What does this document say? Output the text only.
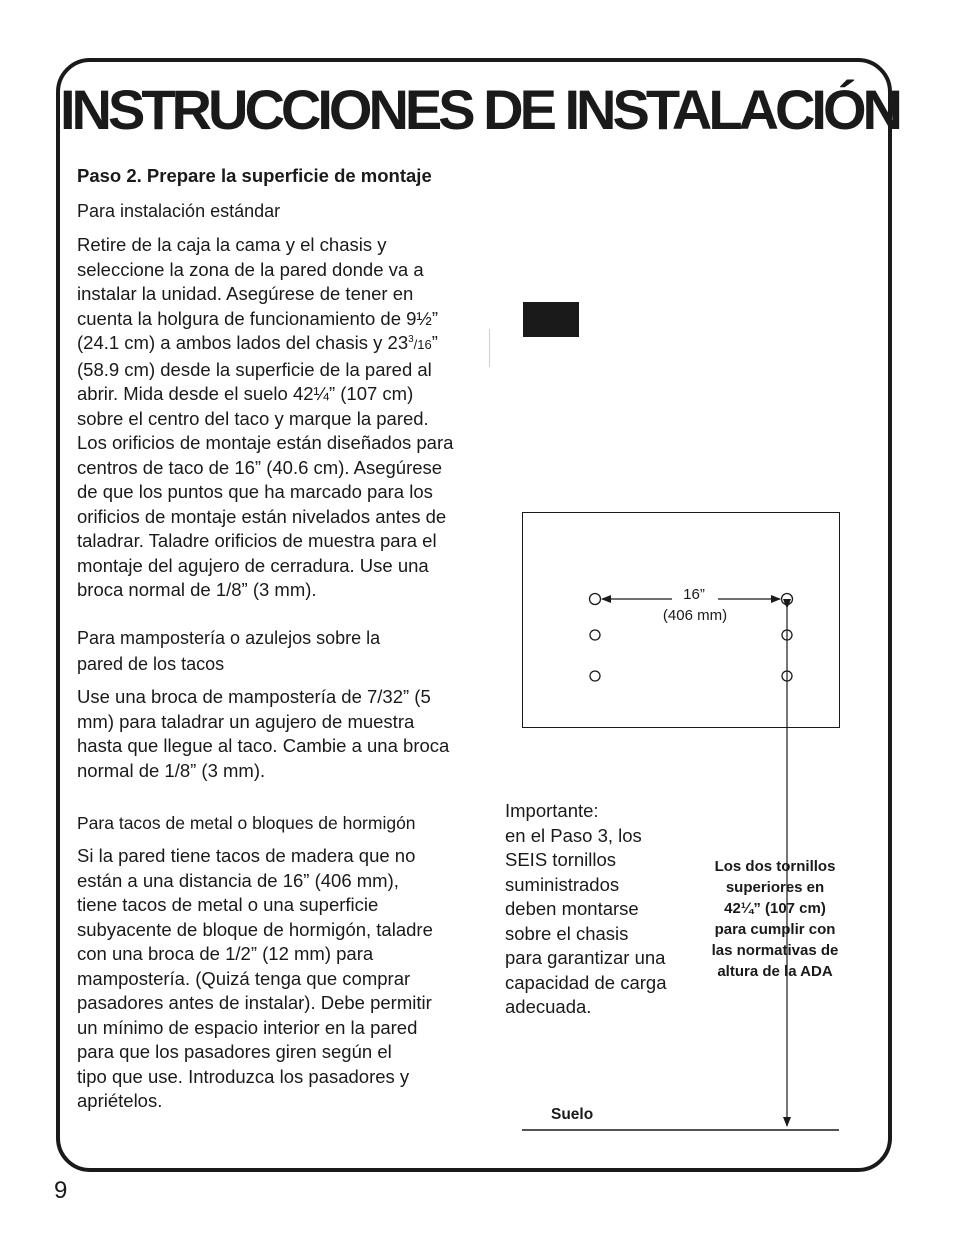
INSTRUCCIONES DE INSTALACIÓN
Paso 2. Prepare la superficie de montaje
Para instalación estándar

Retire de la caja la cama y el chasis y

seleccione la zona de la pared donde va a

instalar la unidad. Asegúrese de tener en

cuenta la holgura de funcionamiento de 9½”

(24.1 cm) a ambos lados del chasis y $23^3/16$”

(58.9 cm) desde la superficie de la pared al

abrir. Mida desde el suelo 42¼” (107 cm)

sobre el centro del taco y marque la pared.

Los orificios de montaje están diseñados para

centros de taco de 16” (40.6 cm). Asegúrese

de que los puntos que ha marcado para los

orificios de montaje están nivelados antes de

taladrar. Taladre orificios de muestra para el

montaje del agujero de cerradura. Use una

broca normal de 1/8” (3 mm).

Para mampostería o azulejos sobre la

pared de los tacos

Use una broca de mampostería de 7/32” (5

mm) para taladrar un agujero de muestra

hasta que llegue al taco. Cambie a una broca

normal de 1/8” (3 mm).

Para tacos de metal o bloques de hormigón

Si la pared tiene tacos de madera que no

están a una distancia de 16” (406 mm),

tiene tacos de metal o una superficie

subyacente de bloque de hormigón, taladre

con una broca de 1/2” (12 mm) para

mampostería. (Quizá tenga que comprar

pasadores antes de instalar). Debe permitir

un mínimo de espacio interior en la pared

para que los pasadores giren según el

tipo que use. Introduzca los pasadores y

apriételos.

16”
(406 mm)

Importante:

en el Paso 3, los

SEIS tornillos

suministrados

deben montarse

sobre el chasis

para garantizar una

capacidad de carga

adecuada.

Los dos tornillos
superiores en
42¼” (107 cm)
para cumplir con
las normativas de
altura de la ADA
Suelo
9
